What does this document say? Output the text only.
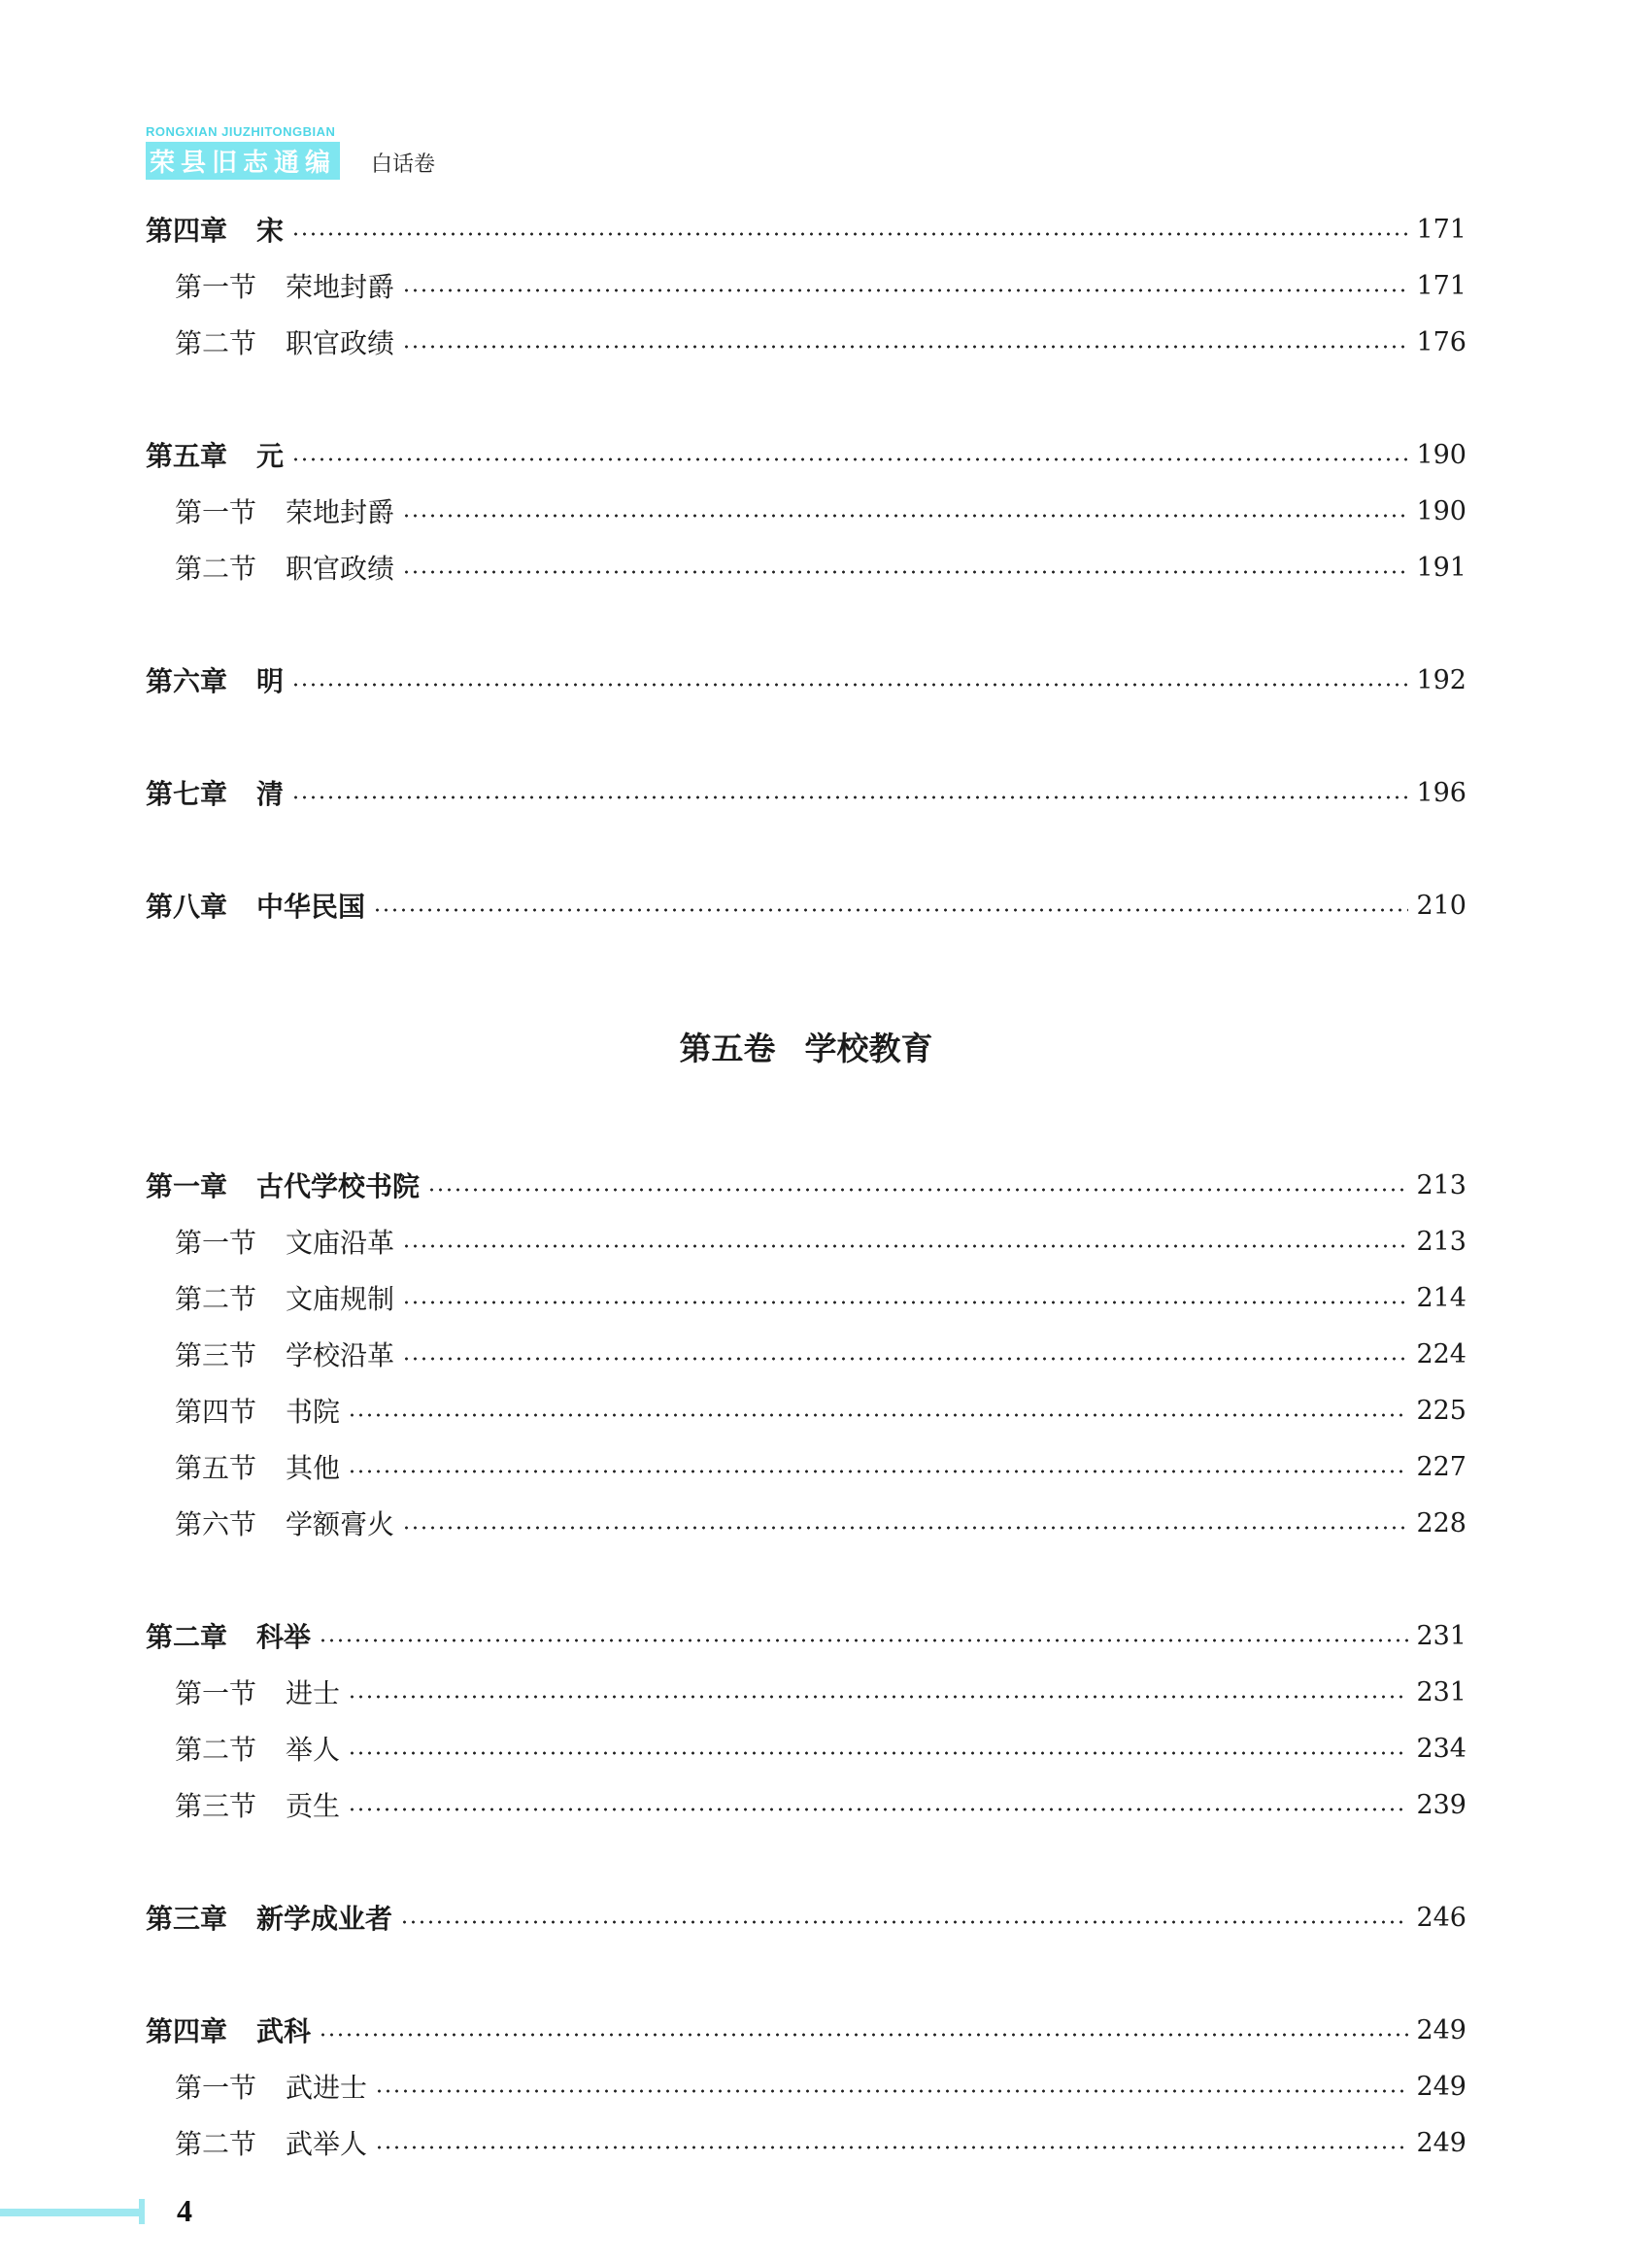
RONGXIAN JIUZHITONGBIAN
荣县旧志通编 白话卷
第四章 宋	171
第一节 荣地封爵	171
第二节 职官政绩	176
第五章 元	190
第一节 荣地封爵	190
第二节 职官政绩	191
第六章 明	192
第七章 清	196
第八章 中华民国	210
第五卷 学校教育
第一章 古代学校书院	213
第一节 文庙沿革	213
第二节 文庙规制	214
第三节 学校沿革	224
第四节 书院	225
第五节 其他	227
第六节 学额膏火	228
第二章 科举	231
第一节 进士	231
第二节 举人	234
第三节 贡生	239
第三章 新学成业者	246
第四章 武科	249
第一节 武进士	249
第二节 武举人	249
4
